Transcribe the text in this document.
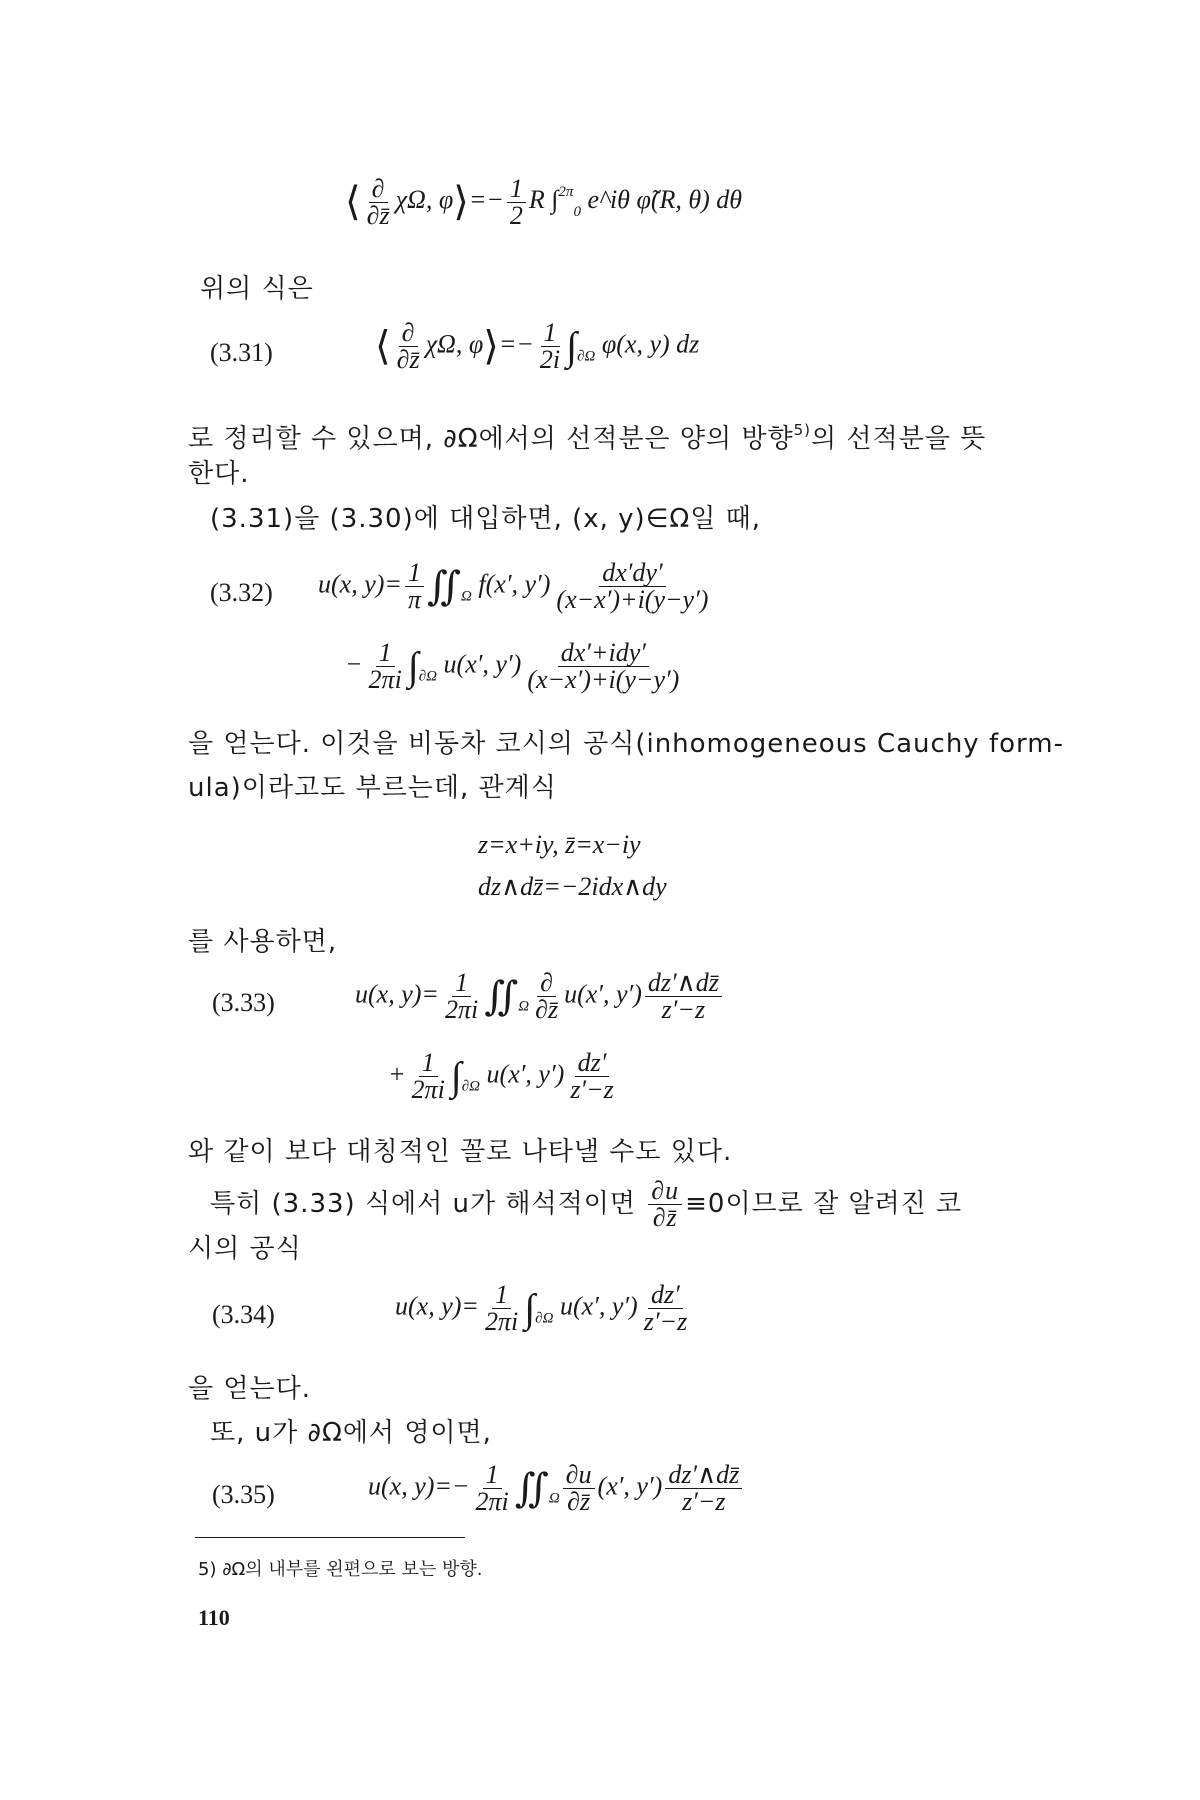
⟨ $\frac{\partial}{\partial z̄} \chi\Omega$, φ⟩=− $\frac{1}{2}$ R ∫$^{2\pi}_0$ e^iθ φ̃(R, θ) dθ
위의 식은
(3.31)	⟨ $\frac{\partial}{\partial z̄} \chi\Omega$, φ⟩=− $\frac{1}{2i} \int_{\partial\Omega}$ φ(x, y) dz
로 정리할 수 있으며, ∂Ω에서의 선적분은 양의 방향$^{5)}$의 선적분을 뜻
한다.
(3.31)을 (3.30)에 대입하면, (x, y)∈Ω일 때,
(3.32) u(x, $y)= \frac{1}{\pi}$ $∬_\Omega$ f(x′, $y') \frac{dx'dy'}{(x-x')+i(y-y')}$
− $\frac{1}{2\pi i} \int_{\partial\Omega}$ u(x′, $y') \frac{\text{dx′+idy′}}{(x-x')+i(y-y')}$
을 얻는다. 이것을 비동차 코시의 공식(inhomogeneous Cauchy form-
ula)이라고도 부르는데, 관계식
z=x+iy, z̄=x−iy
dz∧dz̄=−2idx∧dy
를 사용하면,
(3.33)	u(x, $y)= \frac{1}{2\pi i}$ $∬_\Omega \frac{\partial}{\partial z̄} u(x'$, $y') \frac{dz'\wedge dz̄}{z'-z}$
+ $\frac{1}{2\pi i} \int_{\partial\Omega}$ u(x′, $y') \frac{dz'}{z'-z}$
와 같이 보다 대칭적인 꼴로 나타낼 수도 있다.
특히 (3.33) 식에서 u가 해석적이면 $\frac{\partial u}{\partial z̄} \equiv 0$이므로 잘 알려진 코
시의 공식
(3.34)	u(x, $y)= \frac{1}{2\pi i} \int_{\partial\Omega}$ u(x′, $y') \frac{dz'}{z'-z}$
을 얻는다.
또, u가 ∂Ω에서 영이면,
(3.35)	u(x, $y)=- \frac{1}{2\pi i}$ $∬_\Omega \frac{\partial u}{\partial z̄} (x'$, $y') \frac{dz'\wedge dz̄}{z'-z}$
5) ∂Ω의 내부를 왼편으로 보는 방향.
110
